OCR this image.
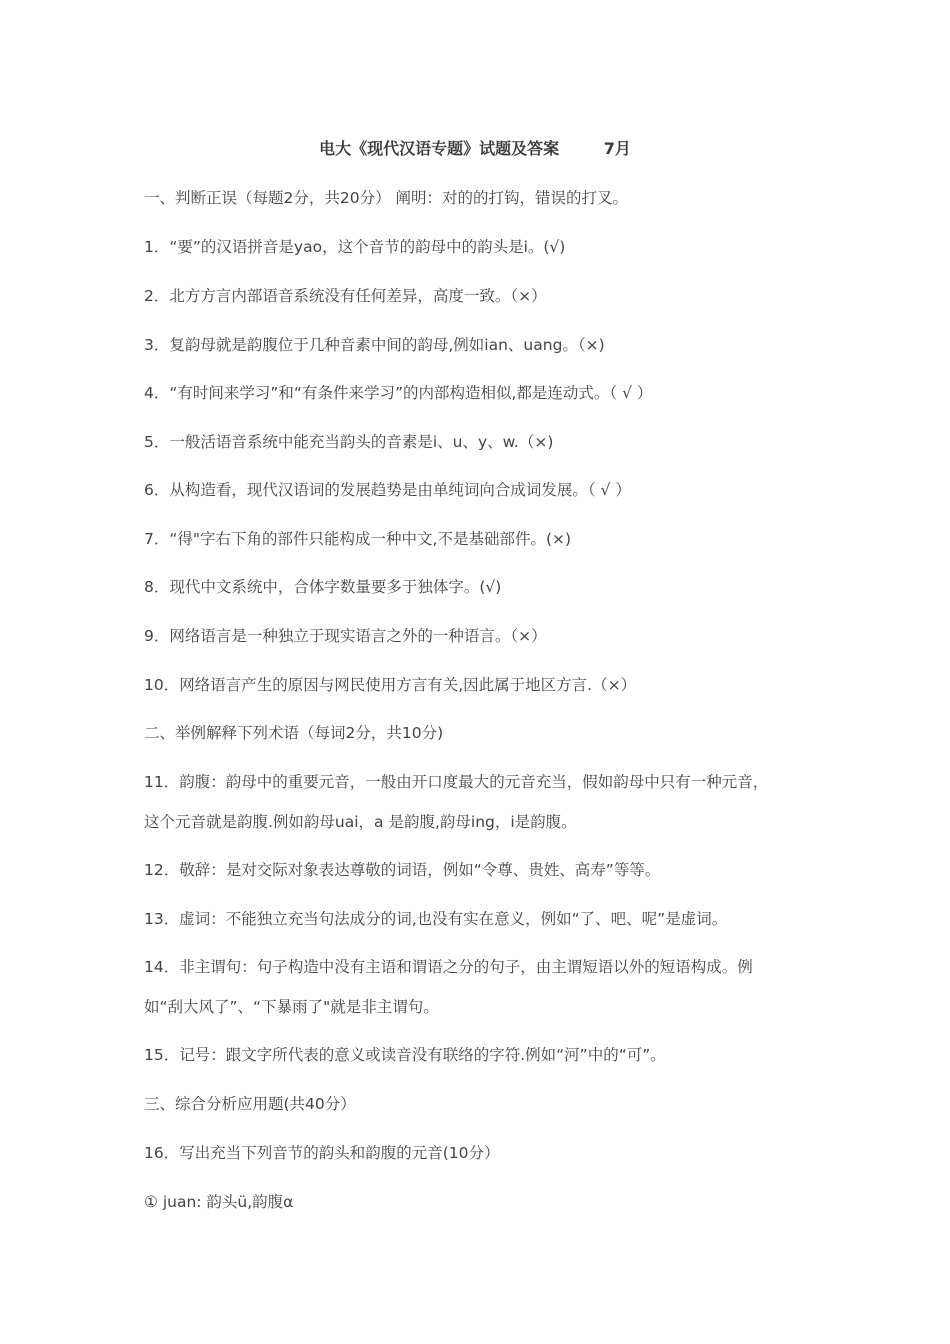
电大《现代汉语专题》试题及答案        7月
一、判断正误（每题2分，共20分） 阐明：对的的打钩，错误的打叉。
1．“要”的汉语拼音是yao，这个音节的韵母中的韵头是i。(√)
2．北方方言内部语音系统没有任何差异，高度一致。（×）
3．复韵母就是韵腹位于几种音素中间的韵母,例如ian、uang。（×)
4．“有时间来学习”和“有条件来学习”的内部构造相似,都是连动式。（ √ ）
5．一般活语音系统中能充当韵头的音素是i、u、y、w.（×)
6．从构造看，现代汉语词的发展趋势是由单纯词向合成词发展。（ √ ）
7．“得"字右下角的部件只能构成一种中文,不是基础部件。(×)
8．现代中文系统中，合体字数量要多于独体字。(√)
9．网络语言是一种独立于现实语言之外的一种语言。（×）
10．网络语言产生的原因与网民使用方言有关,因此属于地区方言.（×）
二、举例解释下列术语（每词2分，共10分)
11．韵腹：韵母中的重要元音，一般由开口度最大的元音充当，假如韵母中只有一种元音，
这个元音就是韵腹.例如韵母uai，a 是韵腹,韵母ing，i是韵腹。
12．敬辞：是对交际对象表达尊敬的词语，例如“令尊、贵姓、高寿”等等。
13．虚词：不能独立充当句法成分的词,也没有实在意义，例如“了、吧、呢”是虚词。
14．非主谓句：句子构造中没有主语和谓语之分的句子，由主谓短语以外的短语构成。例
如“刮大风了”、“下暴雨了"就是非主谓句。
15．记号：跟文字所代表的意义或读音没有联络的字符.例如“河”中的“可”。
三、综合分析应用题(共40分）
16．写出充当下列音节的韵头和韵腹的元音(10分）
① juan: 韵头ü,韵腹α
